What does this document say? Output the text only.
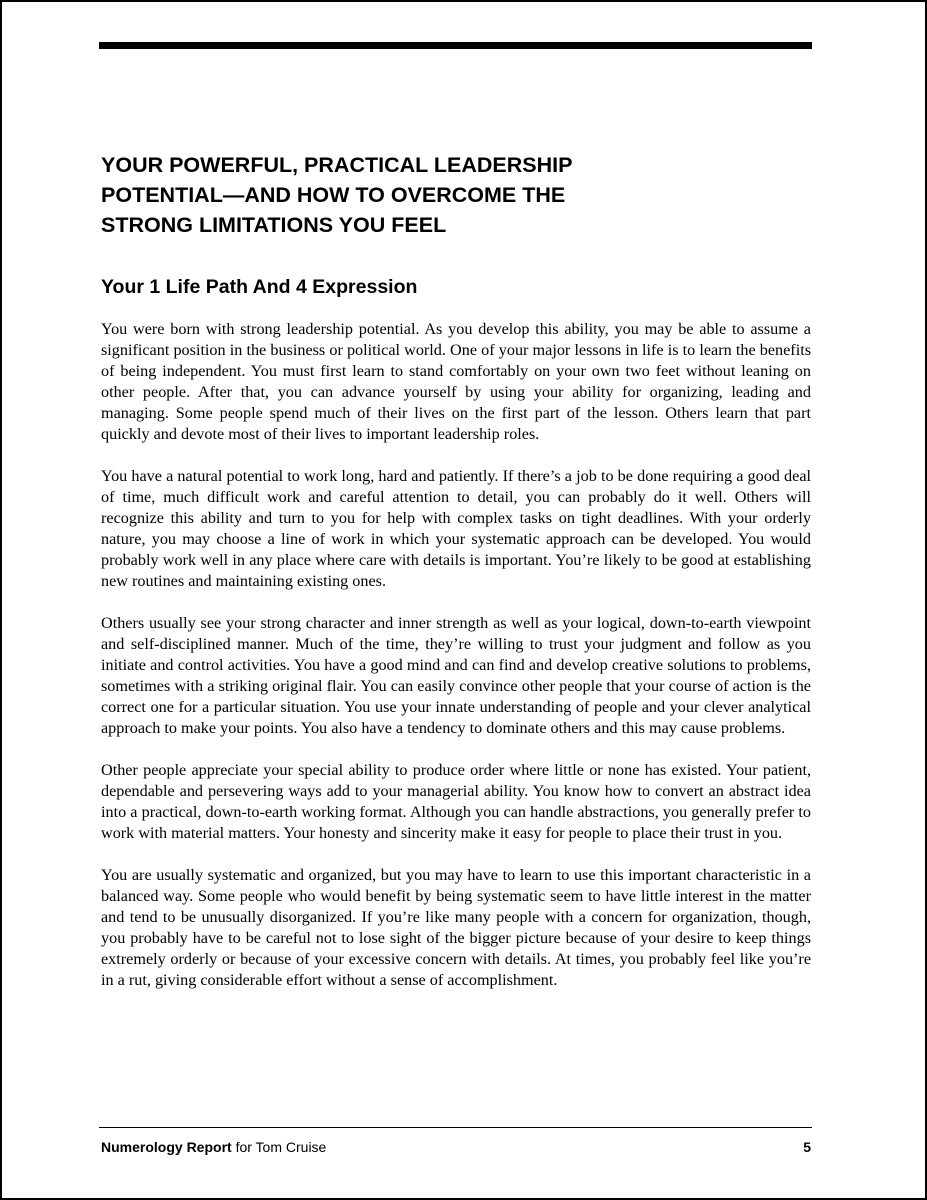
YOUR POWERFUL, PRACTICAL LEADERSHIP
POTENTIAL—AND HOW TO OVERCOME THE
STRONG LIMITATIONS YOU FEEL
Your 1 Life Path And 4 Expression

You were born with strong leadership potential. As you develop this ability, you may be able to assume a significant position in the business or political world. One of your major lessons in life is to learn the benefits of being independent. You must first learn to stand comfortably on your own two feet without leaning on other people. After that, you can advance yourself by using your ability for organizing, leading and managing. Some people spend much of their lives on the first part of the lesson. Others learn that part quickly and devote most of their lives to important leadership roles.

You have a natural potential to work long, hard and patiently. If there’s a job to be done requiring a good deal of time, much difficult work and careful attention to detail, you can probably do it well. Others will recognize this ability and turn to you for help with complex tasks on tight deadlines. With your orderly nature, you may choose a line of work in which your systematic approach can be developed. You would probably work well in any place where care with details is important. You’re likely to be good at establishing new routines and maintaining existing ones.

Others usually see your strong character and inner strength as well as your logical, down-to-earth viewpoint and self-disciplined manner. Much of the time, they’re willing to trust your judgment and follow as you initiate and control activities. You have a good mind and can find and develop creative solutions to problems, sometimes with a striking original flair. You can easily convince other people that your course of action is the correct one for a particular situation. You use your innate understanding of people and your clever analytical approach to make your points. You also have a tendency to dominate others and this may cause problems.

Other people appreciate your special ability to produce order where little or none has existed. Your patient, dependable and persevering ways add to your managerial ability. You know how to convert an abstract idea into a practical, down-to-earth working format. Although you can handle abstractions, you generally prefer to work with material matters. Your honesty and sincerity make it easy for people to place their trust in you.

You are usually systematic and organized, but you may have to learn to use this important characteristic in a balanced way. Some people who would benefit by being systematic seem to have little interest in the matter and tend to be unusually disorganized. If you’re like many people with a concern for organization, though, you probably have to be careful not to lose sight of the bigger picture because of your desire to keep things extremely orderly or because of your excessive concern with details. At times, you probably feel like you’re in a rut, giving considerable effort without a sense of accomplishment.

Numerology Report for Tom Cruise	5
